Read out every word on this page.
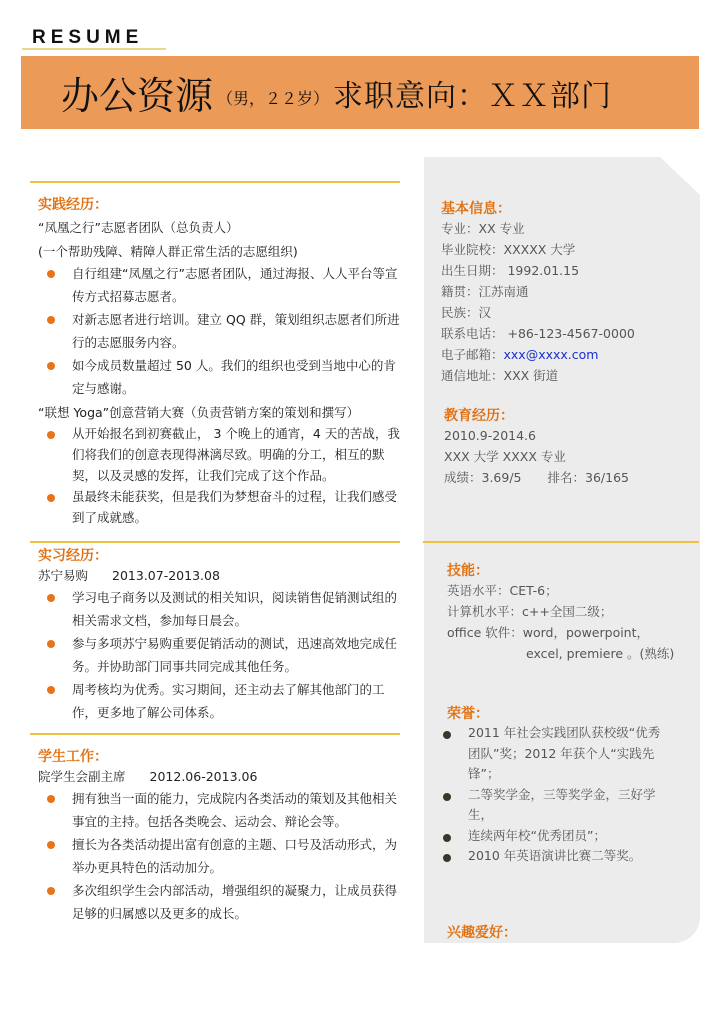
RESUME
办公资源 （男，２２岁） 求职意向：ＸＸ部门
实践经历：
“凤凰之行”志愿者团队（总负责人）
(一个帮助残障、精障人群正常生活的志愿组织)
自行组建“凤凰之行”志愿者团队，通过海报、人人平台等宣传方式招募志愿者。
对新志愿者进行培训。建立 QQ 群，策划组织志愿者们所进行的志愿服务内容。
如今成员数量超过 50 人。我们的组织也受到当地中心的肯定与感谢。
“联想 Yoga”创意营销大赛（负责营销方案的策划和撰写）
从开始报名到初赛截止， 3 个晚上的通宵，4 天的苦战，我们将我们的创意表现得淋漓尽致。明确的分工，相互的默契，以及灵感的发挥，让我们完成了这个作品。
虽最终未能获奖，但是我们为梦想奋斗的过程，让我们感受到了成就感。
实习经历：
苏宁易购 2013.07-2013.08
学习电子商务以及测试的相关知识，阅读销售促销测试组的相关需求文档，参加每日晨会。
参与多项苏宁易购重要促销活动的测试，迅速高效地完成任务。并协助部门同事共同完成其他任务。
周考核均为优秀。实习期间，还主动去了解其他部门的工作，更多地了解公司体系。
学生工作：
院学生会副主席 2012.06-2013.06
拥有独当一面的能力，完成院内各类活动的策划及其他相关事宜的主持。包括各类晚会、运动会、辩论会等。
擅长为各类活动提出富有创意的主题、口号及活动形式，为举办更具特色的活动加分。
多次组织学生会内部活动，增强组织的凝聚力，让成员获得足够的归属感以及更多的成长。
基本信息：
专业：XX 专业
毕业院校：XXXXX 大学
出生日期： 1992.01.15
籍贯：江苏南通
民族：汉
联系电话： +86-123-4567-0000
电子邮箱：xxx@xxxx.com
通信地址：XXX 街道
教育经历：
2010.9-2014.6
XXX 大学 XXXX 专业
成绩：3.69/5 排名：36/165
技能：
英语水平：CET-6；
计算机水平：c++全国二级；
office 软件：word，powerpoint，
excel, premiere 。(熟练)
荣誉：
2011 年社会实践团队获校级“优秀团队”奖；2012 年获个人“实践先锋”；
二等奖学金，三等奖学金，三好学生，
连续两年校“优秀团员”；
2010 年英语演讲比赛二等奖。
兴趣爱好：
